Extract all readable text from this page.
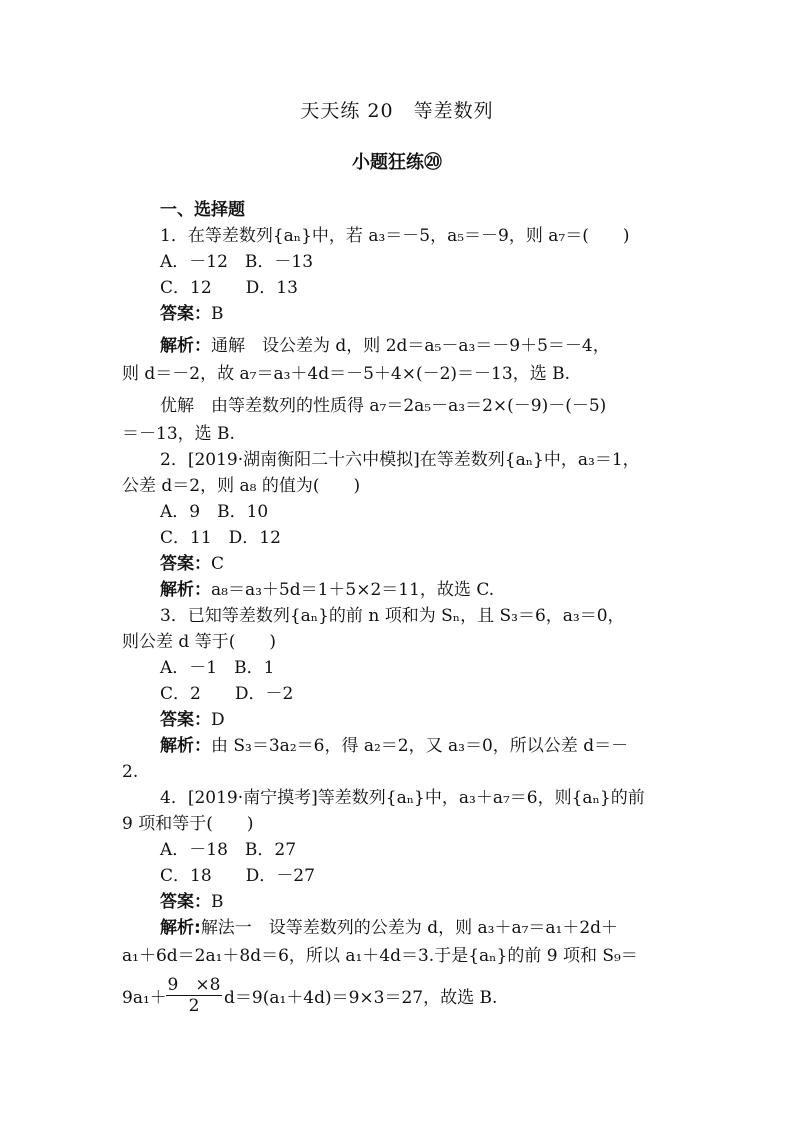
天天练 20　等差数列
小题狂练⑳
一、选择题
1．在等差数列{aₙ}中，若 a₃＝－5，a₅＝－9，则 a₇＝(　　)
A．－12　B．－13
C．12　　D．13
答案：B
解析：通解　设公差为 d，则 2d＝a₅－a₃＝－9＋5＝－4，
则 d＝－2，故 a₇＝a₃＋4d＝－5＋4×(－2)＝－13，选 B.
优解　由等差数列的性质得 a₇＝2a₅－a₃＝2×(－9)－(－5)
＝－13，选 B.
2．[2019·湖南衡阳二十六中模拟]在等差数列{aₙ}中，a₃＝1，
公差 d＝2，则 a₈ 的值为(　　)
A．9　B．10
C．11　D．12
答案：C
解析：a₈＝a₃＋5d＝1＋5×2＝11，故选 C.
3．已知等差数列{aₙ}的前 n 项和为 Sₙ，且 S₃＝6，a₃＝0，
则公差 d 等于(　　)
A．－1　B．1
C．2　　D．－2
答案：D
解析：由 S₃＝3a₂＝6，得 a₂＝2，又 a₃＝0，所以公差 d＝－
2.
4．[2019·南宁摸考]等差数列{aₙ}中，a₃＋a₇＝6，则{aₙ}的前
9 项和等于(　　)
A．－18　B．27
C．18　　D．－27
答案：B
解析:解法一　设等差数列的公差为 d，则 a₃＋a₇＝a₁＋2d＋
a₁＋6d＝2a₁＋8d＝6，所以 a₁＋4d＝3.于是{aₙ}的前 9 项和 S₉＝
9a₁＋
9　×8
2	d＝9(a₁＋4d)＝9×3＝27，故选 B.
